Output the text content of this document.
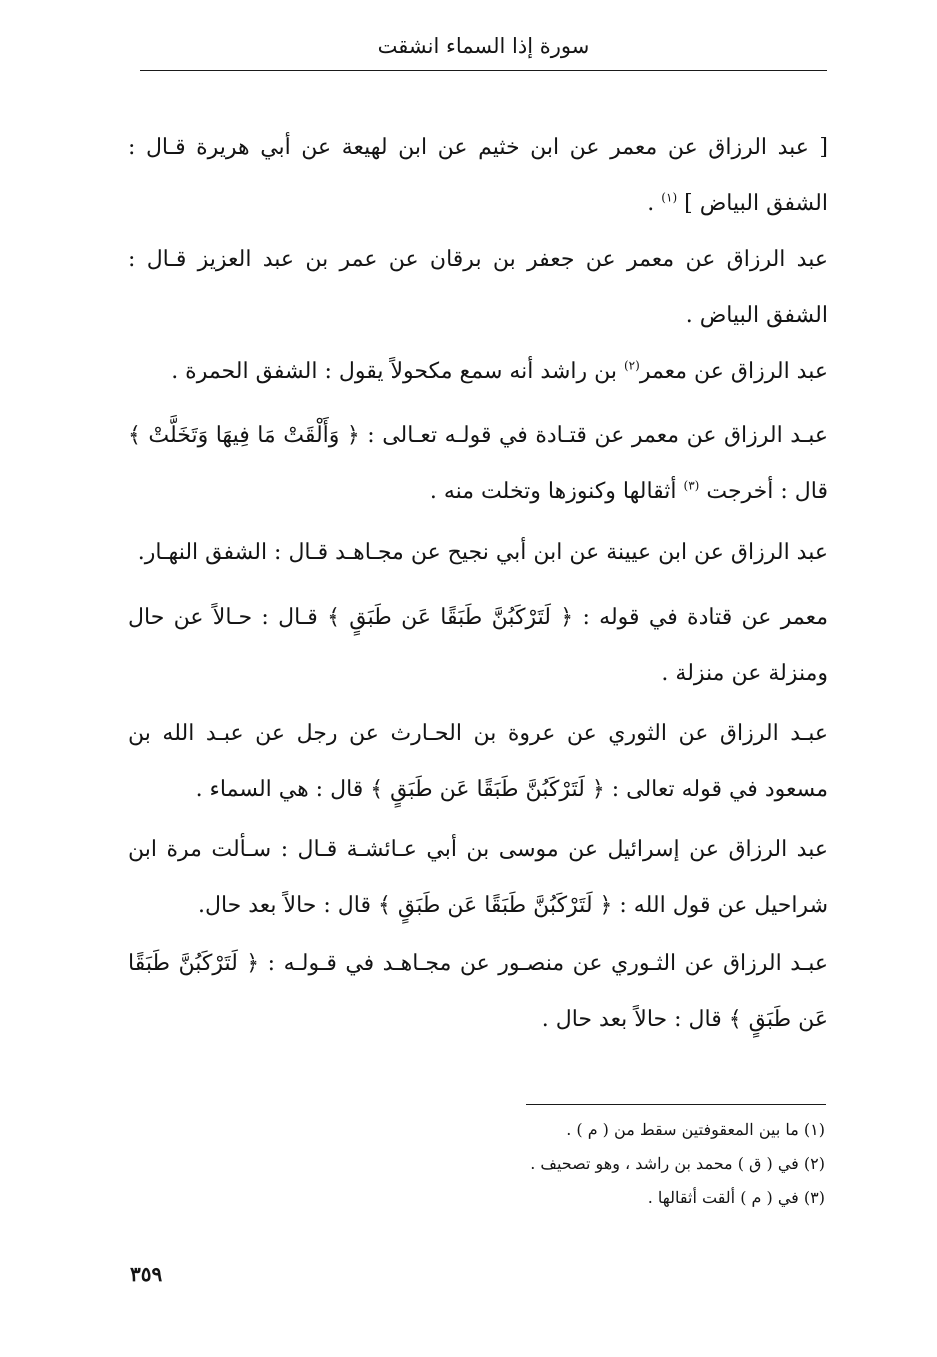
سورة إذا السماء انشقت
[ عبد الرزاق عن معمر عن ابن خثيم عن ابن لهيعة عن أبي هريرة قـال : الشفق البياض ] $^{(١)}$ .
عبد الرزاق عن معمر عن جعفر بن برقان عن عمر بن عبد العزيز قـال : الشفق البياض .
عبد الرزاق عن معمر$^{(٢)}$ بن راشد أنه سمع مكحولاً يقول : الشفق الحمرة .
عبـد الرزاق عن معمر عن قتـادة في قولـه تعـالى : ﴿ وَأَلْقَتْ مَا فِيهَا وَتَخَلَّتْ ﴾ قال : أخرجت $^{(٣)}$ أثقالها وكنوزها وتخلت منه .
عبد الرزاق عن ابن عيينة عن ابن أبي نجيح عن مجـاهـد قـال : الشفق النهـار.
معمر عن قتادة في قوله : ﴿ لَتَرْكَبُنَّ طَبَقًا عَن طَبَقٍ ﴾ قـال : حـالاً عن حال ومنزلة عن منزلة .
عبـد الرزاق عن الثوري عن عروة بن الحـارث عن رجل عن عبـد الله بن مسعود في قوله تعالى : ﴿ لَتَرْكَبُنَّ طَبَقًا عَن طَبَقٍ ﴾ قال : هي السماء .
عبد الرزاق عن إسرائيل عن موسى بن أبي عـائشـة قـال : سـألت مرة ابن شراحيل عن قول الله : ﴿ لَتَرْكَبُنَّ طَبَقًا عَن طَبَقٍ ﴾ قال : حالاً بعد حال.
عبـد الرزاق عن الثـوري عن منصـور عن مجـاهـد في قـولـه : ﴿ لَتَرْكَبُنَّ طَبَقًا عَن طَبَقٍ ﴾ قال : حالاً بعد حال .
(١) ما بين المعقوفتين سقط من ( م ) .
(٢) في ( ق ) محمد بن راشد ، وهو تصحيف .
(٣) في ( م ) ألقت أثقالها .
٣٥٩
